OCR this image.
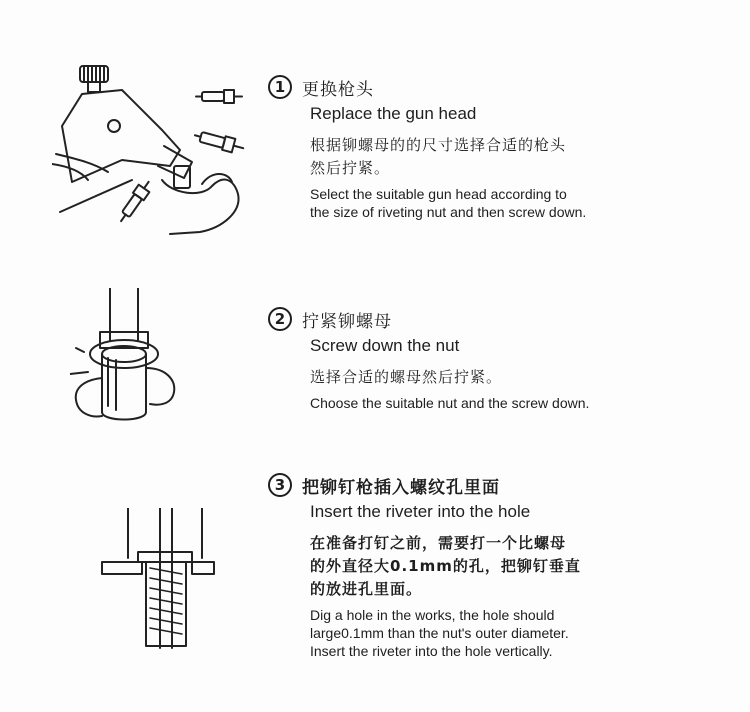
1 更换枪头
Replace the gun head
根据铆螺母的的尺寸选择合适的枪头
然后拧紧。
Select the suitable gun head according to
the size of riveting nut and then screw down.
2 拧紧铆螺母
Screw down the nut
选择合适的螺母然后拧紧。
Choose the suitable nut and the screw down.
3 把铆钉枪插入螺纹孔里面
Insert the riveter into the hole
在准备打钉之前，需要打一个比螺母
的外直径大0.1mm的孔，把铆钉垂直
的放进孔里面。
Dig a hole in the works, the hole should
large0.1mm than the nut's outer diameter.
Insert the riveter into the hole vertically.
